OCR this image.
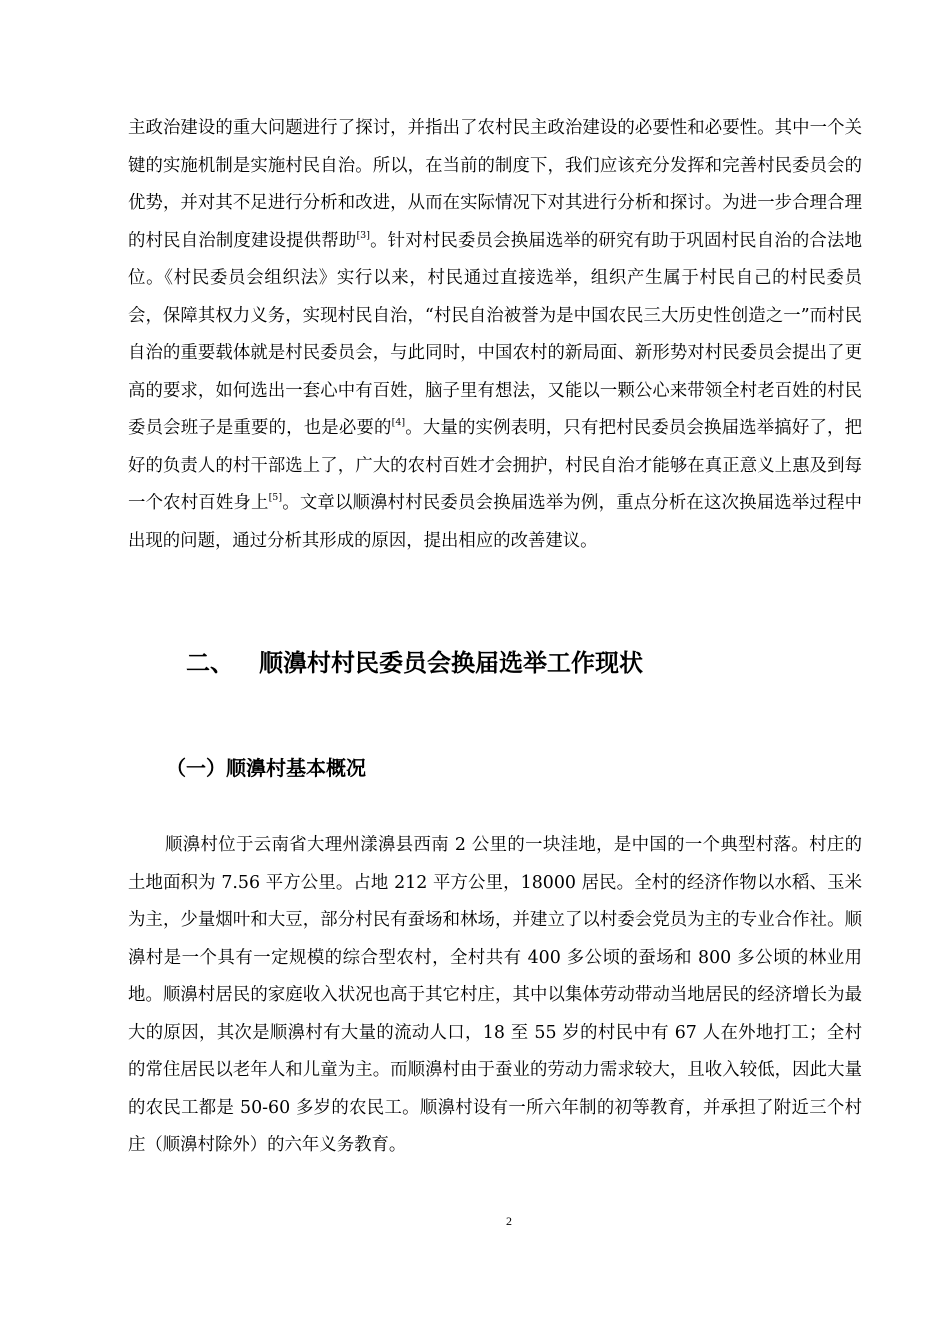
主政治建设的重大问题进行了探讨，并指出了农村民主政治建设的必要性和必要性。其中一个关键的实施机制是实施村民自治。所以，在当前的制度下，我们应该充分发挥和完善村民委员会的优势，并对其不足进行分析和改进，从而在实际情况下对其进行分析和探讨。为进一步合理合理的村民自治制度建设提供帮助[3]。针对村民委员会换届选举的研究有助于巩固村民自治的合法地位。《村民委员会组织法》实行以来，村民通过直接选举，组织产生属于村民自己的村民委员会，保障其权力义务，实现村民自治，“村民自治被誉为是中国农民三大历史性创造之一”而村民自治的重要载体就是村民委员会，与此同时，中国农村的新局面、新形势对村民委员会提出了更高的要求，如何选出一套心中有百姓，脑子里有想法，又能以一颗公心来带领全村老百姓的村民委员会班子是重要的，也是必要的[4]。大量的实例表明，只有把村民委员会换届选举搞好了，把好的负责人的村干部选上了，广大的农村百姓才会拥护，村民自治才能够在真正意义上惠及到每一个农村百姓身上[5]。文章以顺濞村村民委员会换届选举为例，重点分析在这次换届选举过程中出现的问题，通过分析其形成的原因，提出相应的改善建议。

二、 顺濞村村民委员会换届选举工作现状
（一）顺濞村基本概况

顺濞村位于云南省大理州漾濞县西南 2 公里的一块洼地，是中国的一个典型村落。村庄的土地面积为 7.56 平方公里。占地 212 平方公里，18000 居民。全村的经济作物以水稻、玉米为主，少量烟叶和大豆，部分村民有蚕场和林场，并建立了以村委会党员为主的专业合作社。顺濞村是一个具有一定规模的综合型农村，全村共有 400 多公顷的蚕场和 800 多公顷的林业用地。顺濞村居民的家庭收入状况也高于其它村庄，其中以集体劳动带动当地居民的经济增长为最大的原因，其次是顺濞村有大量的流动人口，18 至 55 岁的村民中有 67 人在外地打工；全村的常住居民以老年人和儿童为主。而顺濞村由于蚕业的劳动力需求较大，且收入较低，因此大量的农民工都是 50-60 多岁的农民工。顺濞村设有一所六年制的初等教育，并承担了附近三个村庄（顺濞村除外）的六年义务教育。

2
